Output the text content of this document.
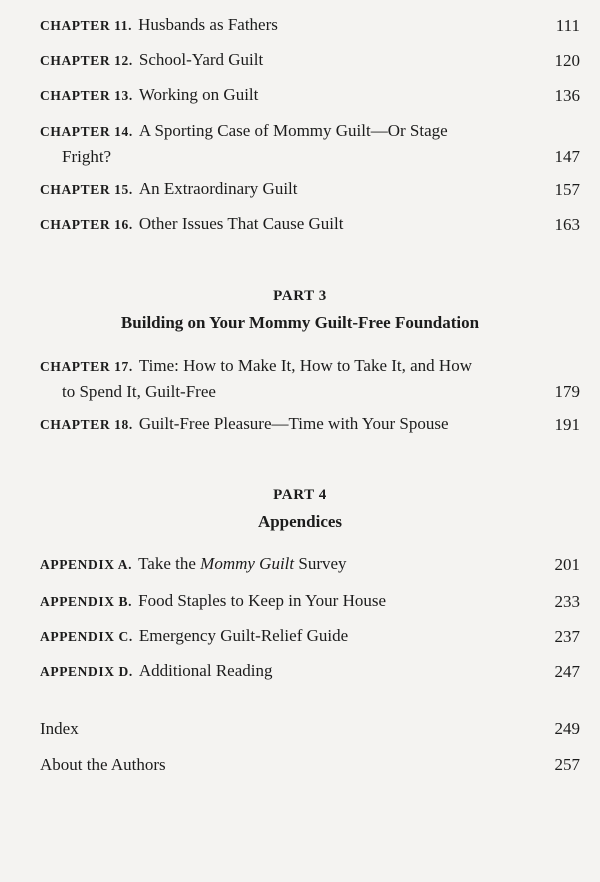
CHAPTER 11. Husbands as Fathers	111
CHAPTER 12. School-Yard Guilt	120
CHAPTER 13. Working on Guilt	136
CHAPTER 14. A Sporting Case of Mommy Guilt—Or Stage
Fright?	147
CHAPTER 15. An Extraordinary Guilt	157
CHAPTER 16. Other Issues That Cause Guilt	163
PART 3
Building on Your Mommy Guilt-Free Foundation
CHAPTER 17. Time: How to Make It, How to Take It, and How
to Spend It, Guilt-Free	179
CHAPTER 18. Guilt-Free Pleasure—Time with Your Spouse	191
PART 4
Appendices
APPENDIX A. Take the Mommy Guilt Survey	201
APPENDIX B. Food Staples to Keep in Your House	233
APPENDIX C. Emergency Guilt-Relief Guide	237
APPENDIX D. Additional Reading	247
Index	249
About the Authors	257
